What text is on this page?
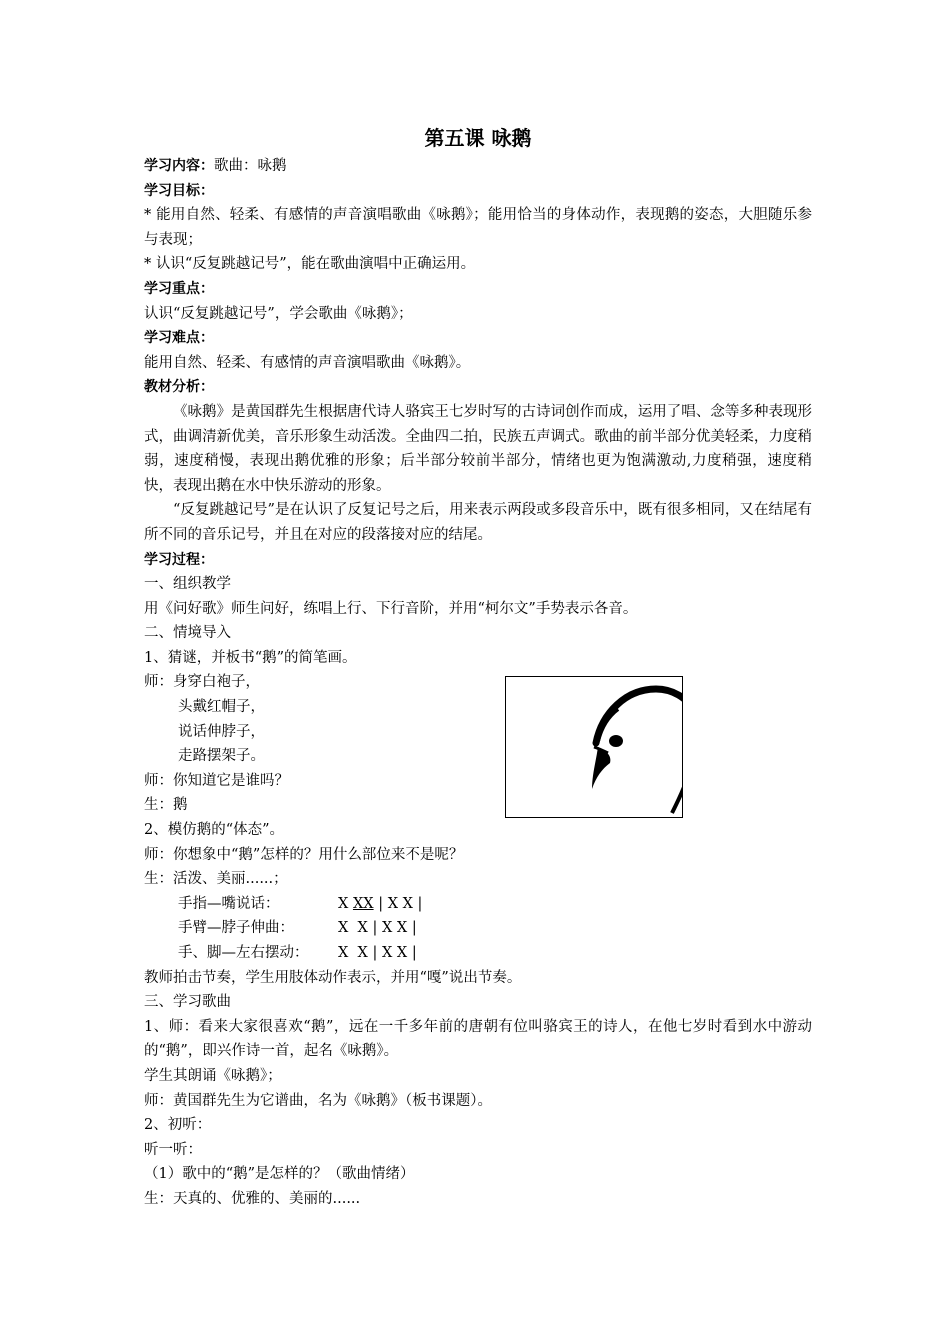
第五课 咏鹅
学习内容：歌曲：咏鹅
学习目标：
* 能用自然、轻柔、有感情的声音演唱歌曲《咏鹅》；能用恰当的身体动作，表现鹅的姿态，大胆随乐参与表现；
* 认识“反复跳越记号”，能在歌曲演唱中正确运用。
学习重点：
认识“反复跳越记号”，学会歌曲《咏鹅》；
学习难点：
能用自然、轻柔、有感情的声音演唱歌曲《咏鹅》。
教材分析：
《咏鹅》是黄国群先生根据唐代诗人骆宾王七岁时写的古诗词创作而成，运用了唱、念等多种表现形式，曲调清新优美，音乐形象生动活泼。全曲四二拍，民族五声调式。歌曲的前半部分优美轻柔，力度稍弱，速度稍慢，表现出鹅优雅的形象；后半部分较前半部分，情绪也更为饱满激动,力度稍强，速度稍快，表现出鹅在水中快乐游动的形象。
“反复跳越记号”是在认识了反复记号之后，用来表示两段或多段音乐中，既有很多相同，又在结尾有所不同的音乐记号，并且在对应的段落接对应的结尾。
学习过程：
一、组织教学
用《问好歌》师生问好，练唱上行、下行音阶，并用“柯尔文”手势表示各音。
二、情境导入
1、猜谜，并板书“鹅”的简笔画。
师：身穿白袍子，
头戴红帽子，
说话伸脖子，
走路摆架子。
师：你知道它是谁吗？
生：鹅
2、模仿鹅的“体态”。
师：你想象中“鹅”怎样的？用什么部位来不是呢？
生：活泼、美丽......；
手指—嘴说话：	X XX | X X |
手臂—脖子伸曲：	X X | X X |
手、脚—左右摆动： X X | X X |
教师拍击节奏，学生用肢体动作表示，并用“嘎”说出节奏。
三、学习歌曲
1、师：看来大家很喜欢“鹅”，远在一千多年前的唐朝有位叫骆宾王的诗人，在他七岁时看到水中游动的“鹅”，即兴作诗一首，起名《咏鹅》。
学生其朗诵《咏鹅》；
师：黄国群先生为它谱曲，名为《咏鹅》（板书课题）。
2、初听：
听一听：
（1）歌中的“鹅”是怎样的？（歌曲情绪）
生：天真的、优雅的、美丽的......
